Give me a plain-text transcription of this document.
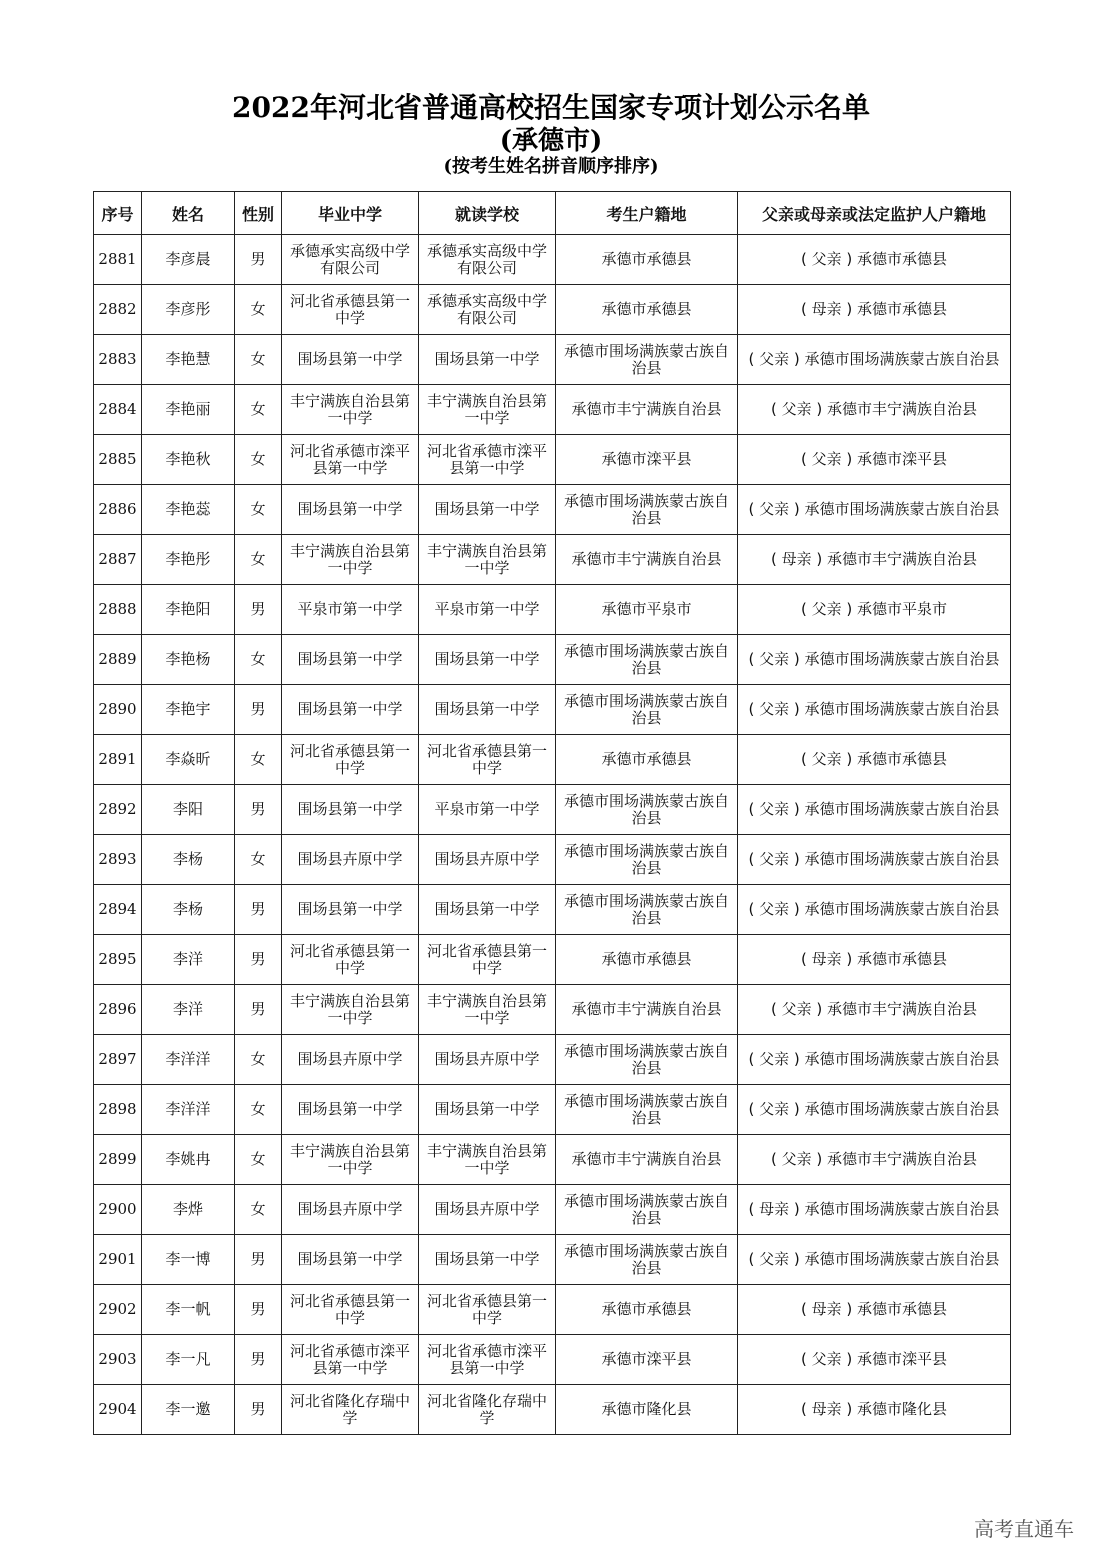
2022年河北省普通高校招生国家专项计划公示名单
(承德市)
(按考生姓名拼音顺序排序)
序号	姓名	性别	毕业中学	就读学校	考生户籍地	父亲或母亲或法定监护人户籍地
2881	李彦晨	男	承德承实高级中学有限公司	承德承实高级中学有限公司	承德市承德县	( 父亲 ) 承德市承德县
2882	李彦彤	女	河北省承德县第一中学	承德承实高级中学有限公司	承德市承德县	( 母亲 ) 承德市承德县
2883	李艳慧	女	围场县第一中学	围场县第一中学	承德市围场满族蒙古族自治县	( 父亲 ) 承德市围场满族蒙古族自治县
2884	李艳丽	女	丰宁满族自治县第一中学	丰宁满族自治县第一中学	承德市丰宁满族自治县	( 父亲 ) 承德市丰宁满族自治县
2885	李艳秋	女	河北省承德市滦平县第一中学	河北省承德市滦平县第一中学	承德市滦平县	( 父亲 ) 承德市滦平县
2886	李艳蕊	女	围场县第一中学	围场县第一中学	承德市围场满族蒙古族自治县	( 父亲 ) 承德市围场满族蒙古族自治县
2887	李艳彤	女	丰宁满族自治县第一中学	丰宁满族自治县第一中学	承德市丰宁满族自治县	( 母亲 ) 承德市丰宁满族自治县
2888	李艳阳	男	平泉市第一中学	平泉市第一中学	承德市平泉市	( 父亲 ) 承德市平泉市
2889	李艳杨	女	围场县第一中学	围场县第一中学	承德市围场满族蒙古族自治县	( 父亲 ) 承德市围场满族蒙古族自治县
2890	李艳宇	男	围场县第一中学	围场县第一中学	承德市围场满族蒙古族自治县	( 父亲 ) 承德市围场满族蒙古族自治县
2891	李焱昕	女	河北省承德县第一中学	河北省承德县第一中学	承德市承德县	( 父亲 ) 承德市承德县
2892	李阳	男	围场县第一中学	平泉市第一中学	承德市围场满族蒙古族自治县	( 父亲 ) 承德市围场满族蒙古族自治县
2893	李杨	女	围场县卉原中学	围场县卉原中学	承德市围场满族蒙古族自治县	( 父亲 ) 承德市围场满族蒙古族自治县
2894	李杨	男	围场县第一中学	围场县第一中学	承德市围场满族蒙古族自治县	( 父亲 ) 承德市围场满族蒙古族自治县
2895	李洋	男	河北省承德县第一中学	河北省承德县第一中学	承德市承德县	( 母亲 ) 承德市承德县
2896	李洋	男	丰宁满族自治县第一中学	丰宁满族自治县第一中学	承德市丰宁满族自治县	( 父亲 ) 承德市丰宁满族自治县
2897	李洋洋	女	围场县卉原中学	围场县卉原中学	承德市围场满族蒙古族自治县	( 父亲 ) 承德市围场满族蒙古族自治县
2898	李洋洋	女	围场县第一中学	围场县第一中学	承德市围场满族蒙古族自治县	( 父亲 ) 承德市围场满族蒙古族自治县
2899	李姚冉	女	丰宁满族自治县第一中学	丰宁满族自治县第一中学	承德市丰宁满族自治县	( 父亲 ) 承德市丰宁满族自治县
2900	李烨	女	围场县卉原中学	围场县卉原中学	承德市围场满族蒙古族自治县	( 母亲 ) 承德市围场满族蒙古族自治县
2901	李一博	男	围场县第一中学	围场县第一中学	承德市围场满族蒙古族自治县	( 父亲 ) 承德市围场满族蒙古族自治县
2902	李一帆	男	河北省承德县第一中学	河北省承德县第一中学	承德市承德县	( 母亲 ) 承德市承德县
2903	李一凡	男	河北省承德市滦平县第一中学	河北省承德市滦平县第一中学	承德市滦平县	( 父亲 ) 承德市滦平县
2904	李一邀	男	河北省隆化存瑞中学	河北省隆化存瑞中学	承德市隆化县	( 母亲 ) 承德市隆化县
高考直通车
